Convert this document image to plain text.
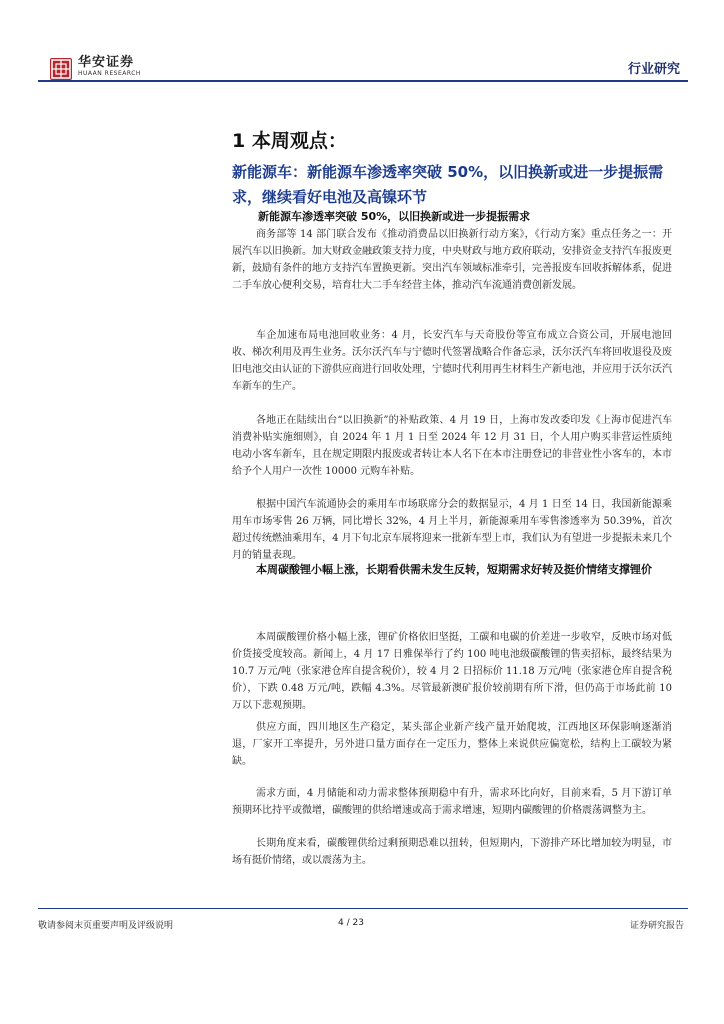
华安证券
HUAAN RESEARCH	行业研究
1 本周观点：
新能源车：新能源车渗透率突破 50%，以旧换新或进一步提振需求，继续看好电池及高镍环节
新能源车渗透率突破 50%，以旧换新或进一步提振需求
商务部等 14 部门联合发布《推动消费品以旧换新行动方案》，《行动方案》重点任务之一：开展汽车以旧换新。加大财政金融政策支持力度，中央财政与地方政府联动，安排资金支持汽车报废更新，鼓励有条件的地方支持汽车置换更新。突出汽车领域标准牵引，完善报废车回收拆解体系，促进二手车放心便利交易，培育壮大二手车经营主体，推动汽车流通消费创新发展。
车企加速布局电池回收业务：4 月，长安汽车与天奇股份等宣布成立合资公司，开展电池回收、梯次利用及再生业务。沃尔沃汽车与宁德时代签署战略合作备忘录，沃尔沃汽车将回收退役及废旧电池交由认证的下游供应商进行回收处理，宁德时代利用再生材料生产新电池，并应用于沃尔沃汽车新车的生产。
各地正在陆续出台“以旧换新”的补贴政策、4 月 19 日，上海市发改委印发《上海市促进汽车消费补贴实施细则》，自 2024 年 1 月 1 日至 2024 年 12 月 31 日，个人用户购买非营运性质纯电动小客车新车，且在规定期限内报废或者转让本人名下在本市注册登记的非营业性小客车的，本市给予个人用户一次性 10000 元购车补贴。
根据中国汽车流通协会的乘用车市场联席分会的数据显示，4 月 1 日至 14 日，我国新能源乘用车市场零售 26 万辆，同比增长 32%，4 月上半月，新能源乘用车零售渗透率为 50.39%，首次超过传统燃油乘用车，4 月下旬北京车展将迎来一批新车型上市，我们认为有望进一步提振未来几个月的销量表现。
本周碳酸锂小幅上涨，长期看供需未发生反转，短期需求好转及挺价情绪支撑锂价
本周碳酸锂价格小幅上涨，锂矿价格依旧坚挺，工碳和电碳的价差进一步收窄，反映市场对低价货接受度较高。新闻上，4 月 17 日雅保举行了约 100 吨电池级碳酸锂的售卖招标，最终结果为 10.7 万元/吨（张家港仓库自提含税价），较 4 月 2 日招标价 11.18 万元/吨（张家港仓库自提含税价），下跌 0.48 万元/吨，跌幅 4.3%。尽管最新澳矿报价较前期有所下滑，但仍高于市场此前 10 万以下悲观预期。
供应方面，四川地区生产稳定，某头部企业新产线产量开始爬坡，江西地区环保影响逐渐消退，厂家开工率提升，另外进口量方面存在一定压力，整体上来说供应偏宽松，结构上工碳较为紧缺。
需求方面，4 月储能和动力需求整体预期稳中有升，需求环比向好，目前来看，5 月下游订单预期环比持平或微增，碳酸锂的供给增速或高于需求增速，短期内碳酸锂的价格震荡调整为主。
长期角度来看，碳酸锂供给过剩预期恐难以扭转，但短期内，下游排产环比增加较为明显，市场有挺价情绪，或以震荡为主。
敬请参阅末页重要声明及评级说明	4 / 23	证券研究报告
